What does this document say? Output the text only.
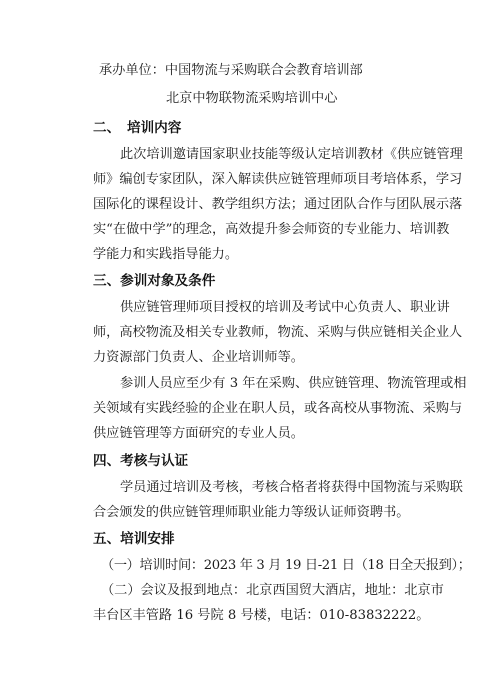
承办单位：中国物流与采购联合会教育培训部
北京中物联物流采购培训中心
二、　培训内容
此次培训邀请国家职业技能等级认定培训教材《供应链管理
师》编创专家团队，深入解读供应链管理师项目考培体系，学习
国际化的课程设计、教学组织方法；通过团队合作与团队展示落
实“在做中学”的理念，高效提升参会师资的专业能力、培训教
学能力和实践指导能力。
三、参训对象及条件
供应链管理师项目授权的培训及考试中心负责人、职业讲
师，高校物流及相关专业教师，物流、采购与供应链相关企业人
力资源部门负责人、企业培训师等。
参训人员应至少有 3 年在采购、供应链管理、物流管理或相
关领域有实践经验的企业在职人员，或各高校从事物流、采购与
供应链管理等方面研究的专业人员。
四、考核与认证
学员通过培训及考核，考核合格者将获得中国物流与采购联
合会颁发的供应链管理师职业能力等级认证师资聘书。
五、培训安排
（一）培训时间：2023 年 3 月 19 日-21 日（18 日全天报到）；
（二）会议及报到地点：北京西国贸大酒店，地址：北京市
丰台区丰管路 16 号院 8 号楼，电话：010-83832222。
